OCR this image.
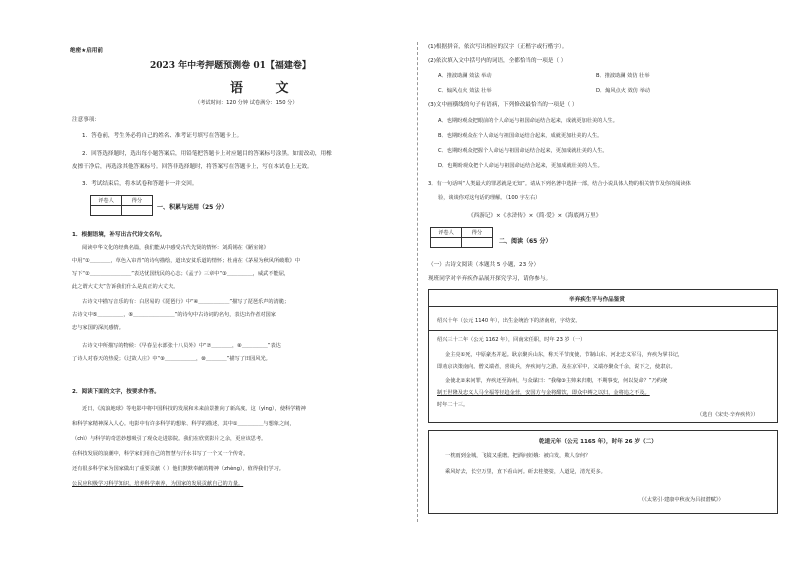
绝密★启用前
2023 年中考押题预测卷 01【福建卷】
语 文
（考试时间：120 分钟 试卷满分：150 分）
注意事项：
1．答卷前，考生务必将自己的姓名、准考证号填写在答题卡上。
2．回答选择题时，选出每小题答案后，用铅笔把答题卡上对应题目的答案标号涂黑。如需改动，用橡
皮擦干净后，再选涂其他答案标号。回答非选择题时，将答案写在答题卡上，写在本试卷上无效。
3．考试结束后，将本试卷和答题卡一并交回。
评卷人	得分

一、积累与运用（25 分）
1．根据语境，补写出古代诗文名句。
阅读中华文化的经典名篇，我们能从中感受古代先贤的情怀：刘禹锡在《陋室铭》
中用“①＿＿＿＿，草色入帘青”的诗句描绘，道出安贫乐道的情怀；杜甫在《茅屋为秋风所破歌》中
写下“②＿＿＿＿＿＿＿＿”表达忧国忧民的心志；《孟子》三章中“③＿＿＿＿＿，威武不能屈，
此之谓大丈夫”告诉我们什么是真正的大丈夫。
古诗文中描写音乐的有：白居易的《琵琶行》中“④＿＿＿＿＿＿”描写了琵琶乐声的清脆；
古诗文中⑤＿＿＿＿＿，⑥＿＿＿＿＿＿＿＿”的诗句中古诗词的名句，表达出作者对国家
忠与家国的深沉感情。
古诗文中所描写的物候：《早春呈水部张十八员外》中“⑦＿＿＿＿，⑧＿＿＿＿＿”表达
了诗人对春天的热爱；《过故人庄》中“⑨＿＿＿＿＿＿，⑩＿＿＿＿”描写了田园风光。
2．阅读下面的文字，按要求作答。
近日，《流浪地球》等电影中将中国科技的发展和未来前景推向了新高度。这（yìng），使科学精神
和科学家精神深入人心。电影中有许多科学的想象、科学的描述，其中①＿＿＿＿＿与想象之间，
（chì）与科学的奇思妙想吸引了观众走进影院。我们在欣赏影片之余，更应该思考。
在科技发展的浪潮中，科学家们用自己的智慧与汗水书写了一个又一个传奇。
还有很多科学家为国家做出了重要贡献（ ）他们默默奉献的精神（zhèng），值得我们学习。
公民应积极学习科学知识，培养科学素养，为国家的发展贡献自己的力量。
(1)根据拼音，依次写出相应的汉字（正楷字或行楷字）。
(2)依次填入文中括号内的词语，全都恰当的一项是（ ）
A．推波助澜 效法 举动	B．推波助澜 效仿 壮举
C．煽风点火 效法 壮举	D．煽风点火 效仿 举动
(3)文中画横线的句子有语病，下列修改最恰当的一项是（ ）
A．也期盼观众把眼前的个人命运与祖国命运结合起来，成就更加壮美的人生。
B．也期盼观众在个人命运与祖国命运结合起来，成就更加壮美的人生。
C．也期盼观众把握个人命运与祖国命运结合起来，更加成就壮美的人生。
D．也期盼观众把个人命运与祖国命运结合起来，更加成就壮美的人生。
3．有一句话叫“人类最大的罪恶就是无知”。请从下列名著中选择一部，结合小说具体人物的相关情节及你的阅读体
验，谈谈你对这句话的理解。（100 字左右）
《西游记》×《水浒传》×《简·爱》×《海底两万里》
评卷人	得分

二、阅读（65 分）
（一）古诗文阅读（本题共 5 小题，23 分）
现班同学对辛弃疾作品展开探究学习，请你参与。
辛弃疾生平与作品鉴赏
绍兴十年（公元 1140 年），出生金统治下的济南府，字幼安。
绍兴三十二年（公元 1162 年），回南宋任职，时年 23 岁（一）
金主亮①死，中原豪杰并起。耿京聚兵山东，称天平节度使，节制山东、河北忠义军马，弃疾为掌书记，
即劝京决策南向。僧义端者，喜谈兵，弃疾间与之游。及在京军中，义端亦聚众千余，说下之，使隶京。
金使北②来问罪，弃疾还至海州，与众谋曰：“我缘③主帅来归朝，不期事变，何以复命？”乃约统
制王世隆及忠义人马全福等径趋金营，安国方与金将酣饮，即众中缚之以归，金将追之不及。
时年二十三。
（选自《宋史·辛弃疾传》）
乾道元年（公元 1165 年），时年 26 岁（二）
一枕雨到金城，飞镜又重磨。把酒问姮娥：被白发，欺人奈何？
乘风好去，长空万里，直下看山河。斫去桂婆娑，人道是，清光更多。
（《太常引·建康中秋夜为吕叔潜赋》）
